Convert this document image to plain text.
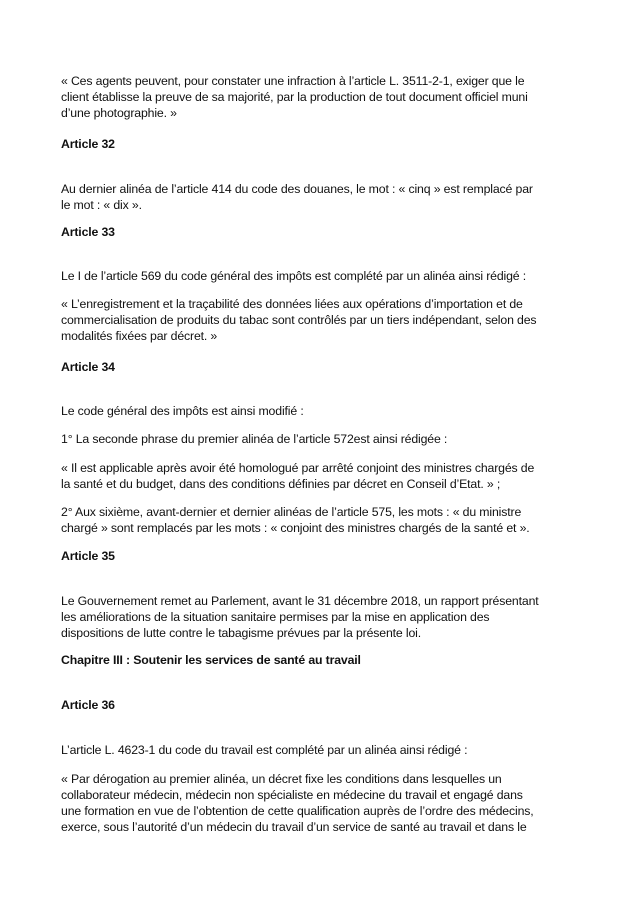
« Ces agents peuvent, pour constater une infraction à l’article L. 3511-2-1, exiger que le
client établisse la preuve de sa majorité, par la production de tout document officiel muni
d’une photographie. »

Article 32

Au dernier alinéa de l’article 414 du code des douanes, le mot : « cinq » est remplacé par
le mot : « dix ».

Article 33

Le I de l’article 569 du code général des impôts est complété par un alinéa ainsi rédigé :

« L’enregistrement et la traçabilité des données liées aux opérations d’importation et de
commercialisation de produits du tabac sont contrôlés par un tiers indépendant, selon des
modalités fixées par décret. »

Article 34

Le code général des impôts est ainsi modifié :

1° La seconde phrase du premier alinéa de l’article 572est ainsi rédigée :

« Il est applicable après avoir été homologué par arrêté conjoint des ministres chargés de
la santé et du budget, dans des conditions définies par décret en Conseil d’Etat. » ;

2° Aux sixième, avant-dernier et dernier alinéas de l’article 575, les mots : « du ministre
chargé » sont remplacés par les mots : « conjoint des ministres chargés de la santé et ».

Article 35

Le Gouvernement remet au Parlement, avant le 31 décembre 2018, un rapport présentant
les améliorations de la situation sanitaire permises par la mise en application des
dispositions de lutte contre le tabagisme prévues par la présente loi.

Chapitre III : Soutenir les services de santé au travail

Article 36

L’article L. 4623-1 du code du travail est complété par un alinéa ainsi rédigé :

« Par dérogation au premier alinéa, un décret fixe les conditions dans lesquelles un
collaborateur médecin, médecin non spécialiste en médecine du travail et engagé dans
une formation en vue de l’obtention de cette qualification auprès de l’ordre des médecins,
exerce, sous l’autorité d’un médecin du travail d’un service de santé au travail et dans le
